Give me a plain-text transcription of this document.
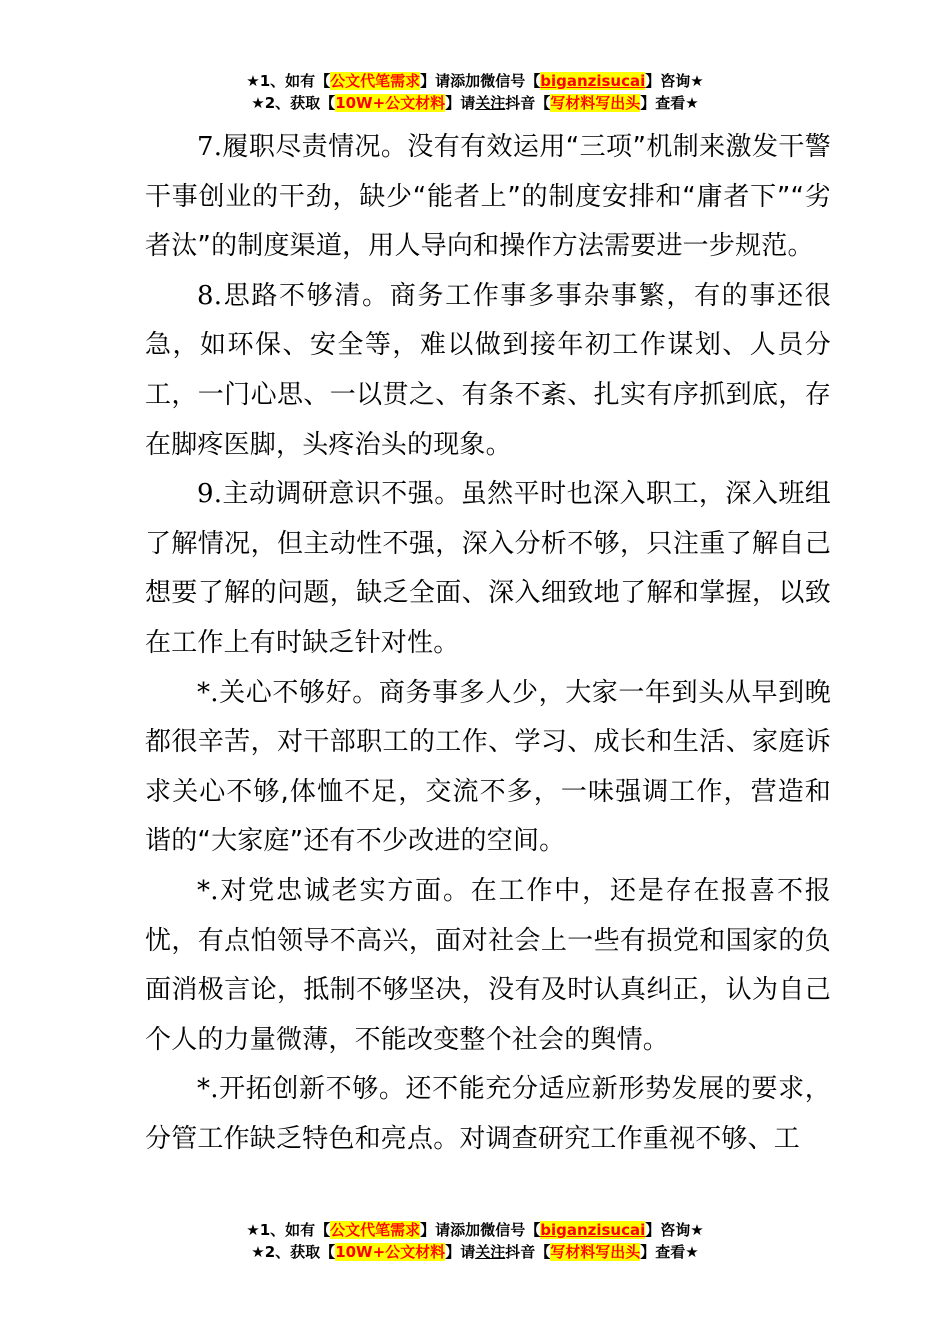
★1、如有【公文代笔需求】请添加微信号【biganzisucai】咨询★
★2、获取【10W+公文材料】请关注抖音【写材料写出头】查看★

7.履职尽责情况。没有有效运用“三项”机制来激发干警干事创业的干劲，缺少“能者上”的制度安排和“庸者下”“劣者汰”的制度渠道，用人导向和操作方法需要进一步规范。

8.思路不够清。商务工作事多事杂事繁，有的事还很急，如环保、安全等，难以做到接年初工作谋划、人员分工，一门心思、一以贯之、有条不紊、扎实有序抓到底，存在脚疼医脚，头疼治头的现象。

9.主动调研意识不强。虽然平时也深入职工，深入班组了解情况，但主动性不强，深入分析不够，只注重了解自己想要了解的问题，缺乏全面、深入细致地了解和掌握，以致在工作上有时缺乏针对性。

*.关心不够好。商务事多人少，大家一年到头从早到晚都很辛苦，对干部职工的工作、学习、成长和生活、家庭诉求关心不够,体恤不足，交流不多，一味强调工作，营造和谐的“大家庭”还有不少改进的空间。

*.对党忠诚老实方面。在工作中，还是存在报喜不报忧，有点怕领导不高兴，面对社会上一些有损党和国家的负面消极言论，抵制不够坚决，没有及时认真纠正，认为自己个人的力量微薄，不能改变整个社会的舆情。

*.开拓创新不够。还不能充分适应新形势发展的要求，分管工作缺乏特色和亮点。对调查研究工作重视不够、工

★1、如有【公文代笔需求】请添加微信号【biganzisucai】咨询★
★2、获取【10W+公文材料】请关注抖音【写材料写出头】查看★
